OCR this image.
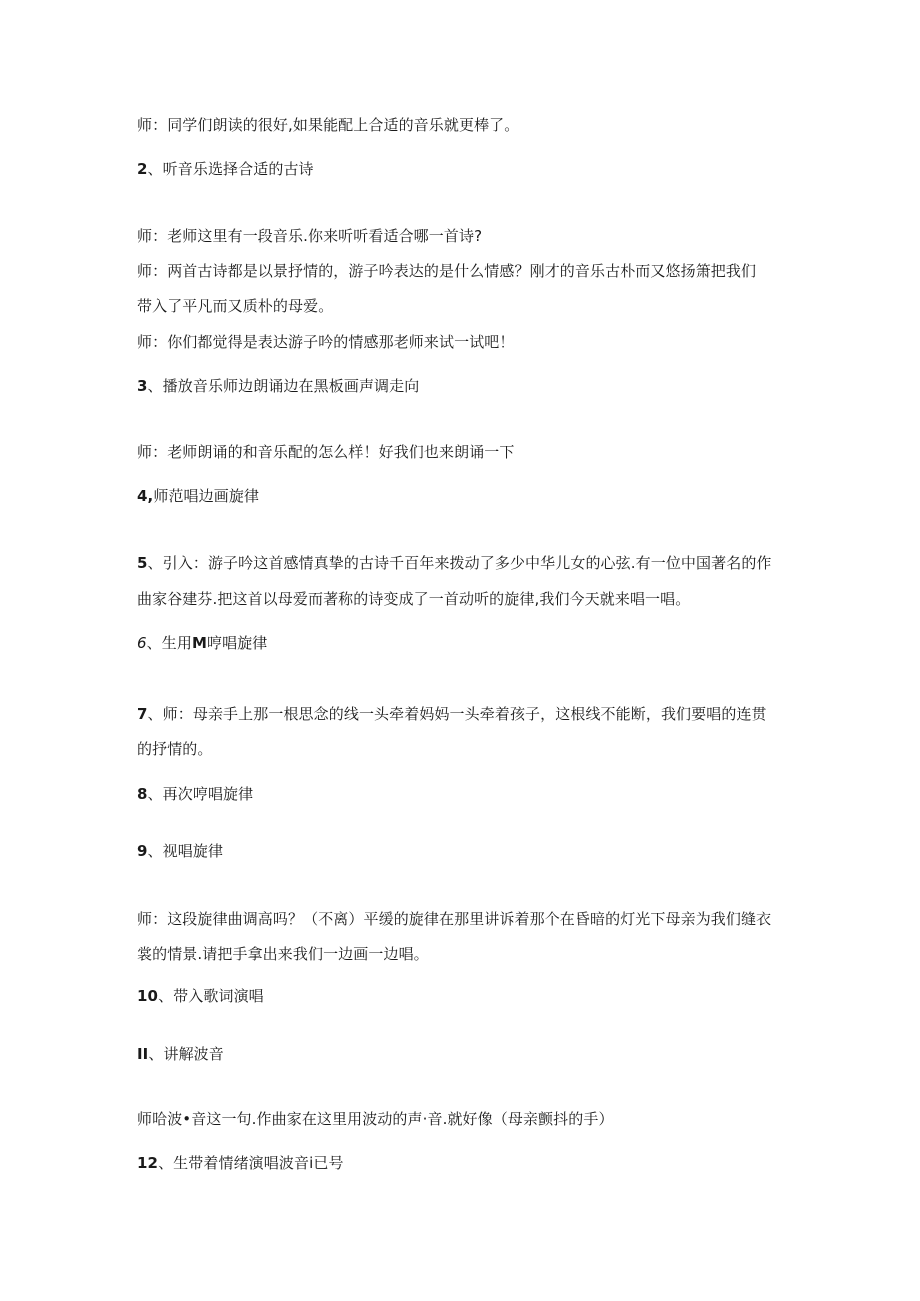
师：同学们朗读的很好,如果能配上合适的音乐就更棒了。
2、听音乐选择合适的古诗
师：老师这里有一段音乐.你来听听看适合哪一首诗?
师：两首古诗都是以景抒情的，游子吟表达的是什么情感？刚才的音乐古朴而又悠扬箫把我们
带入了平凡而又质朴的母爱。
师：你们都觉得是表达游子吟的情感那老师来试一试吧！
3、播放音乐师边朗诵边在黑板画声调走向
师：老师朗诵的和音乐配的怎么样！好我们也来朗诵一下
4,师范唱边画旋律
5、引入：游子吟这首感情真挚的古诗千百年来拨动了多少中华儿女的心弦.有一位中国著名的作
曲家谷建芬.把这首以母爱而著称的诗变成了一首动听的旋律,我们今天就来唱一唱。
6、生用M哼唱旋律
7、师：母亲手上那一根思念的线一头牵着妈妈一头牵着孩子，这根线不能断，我们要唱的连贯
的抒情的。
8、再次哼唱旋律
9、视唱旋律
师：这段旋律曲调高吗？（不离）平缓的旋律在那里讲诉着那个在昏暗的灯光下母亲为我们缝衣
裳的情景.请把手拿出来我们一边画一边唱。
10、带入歌词演唱
II、讲解波音
师哈波•音这一句.作曲家在这里用波动的声·音.就好像（母亲颤抖的手）
12、生带着情绪演唱波音i已号
